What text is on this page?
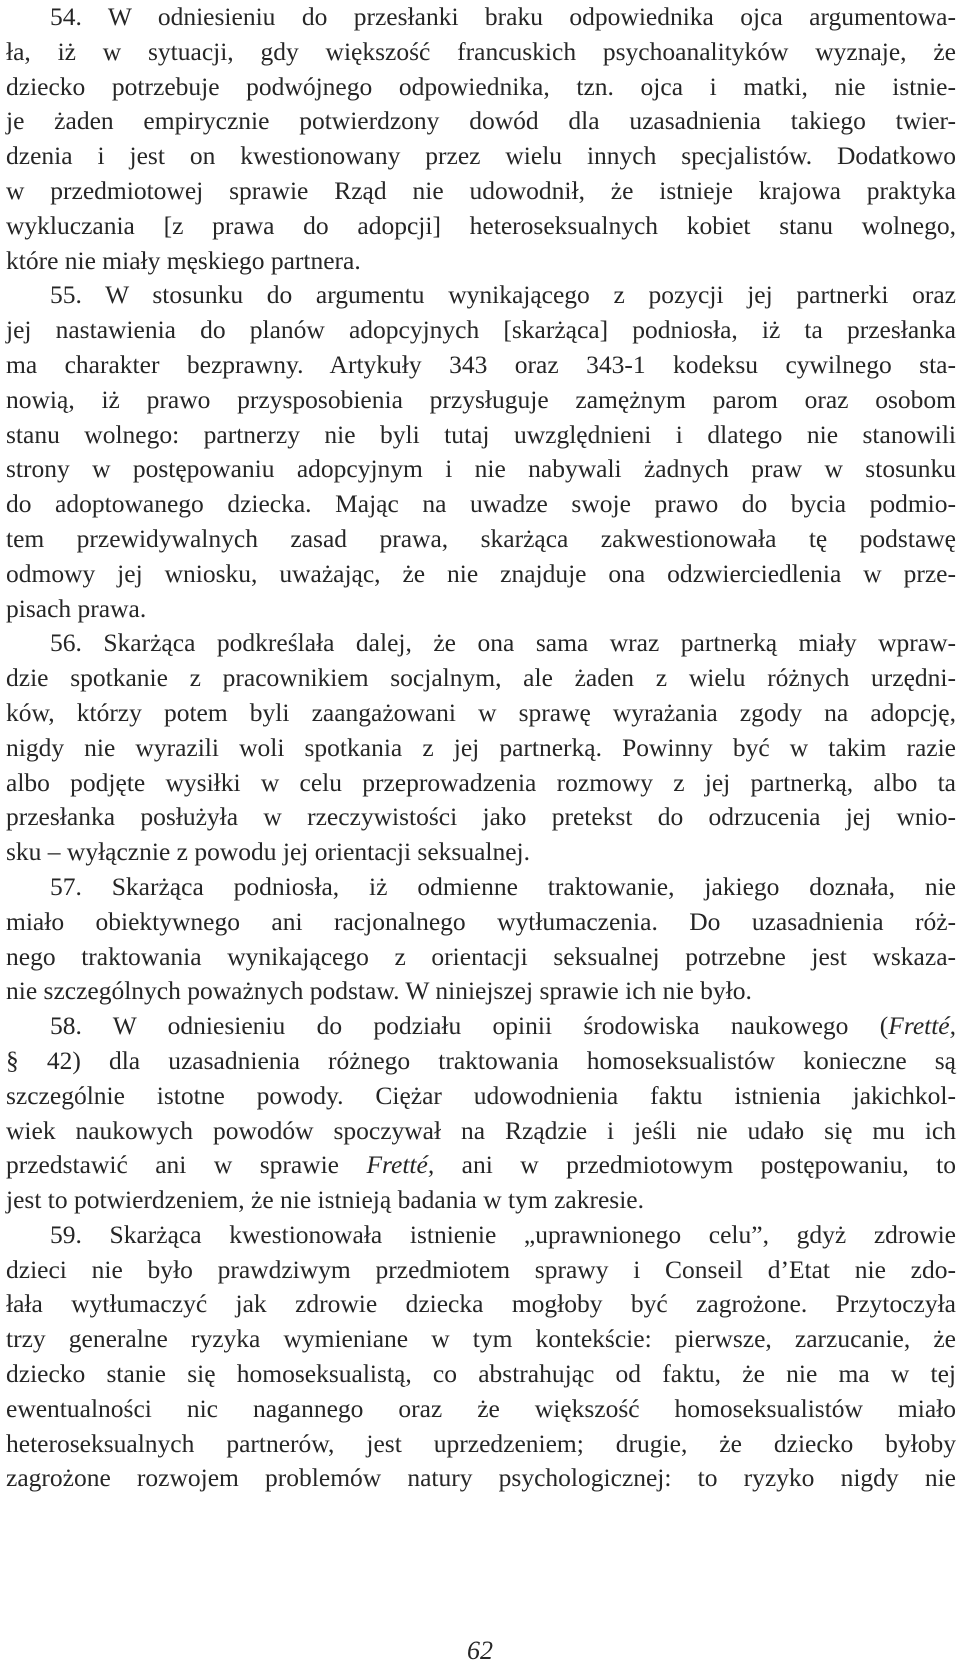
54. W odniesieniu do przesłanki braku odpowiednika ojca argumentowa-
ła, iż w sytuacji, gdy większość francuskich psychoanalityków wyznaje, że
dziecko potrzebuje podwójnego odpowiednika, tzn. ojca i matki, nie istnie-
je żaden empirycznie potwierdzony dowód dla uzasadnienia takiego twier-
dzenia i jest on kwestionowany przez wielu innych specjalistów. Dodatkowo
w przedmiotowej sprawie Rząd nie udowodnił, że istnieje krajowa praktyka
wykluczania [z prawa do adopcji] heteroseksualnych kobiet stanu wolnego,
które nie miały męskiego partnera.
55. W stosunku do argumentu wynikającego z pozycji jej partnerki oraz
jej nastawienia do planów adopcyjnych [skarżąca] podniosła, iż ta przesłanka
ma charakter bezprawny. Artykuły 343 oraz 343-1 kodeksu cywilnego sta-
nowią, iż prawo przysposobienia przysługuje zamężnym parom oraz osobom
stanu wolnego: partnerzy nie byli tutaj uwzględnieni i dlatego nie stanowili
strony w postępowaniu adopcyjnym i nie nabywali żadnych praw w stosunku
do adoptowanego dziecka. Mając na uwadze swoje prawo do bycia podmio-
tem przewidywalnych zasad prawa, skarżąca zakwestionowała tę podstawę
odmowy jej wniosku, uważając, że nie znajduje ona odzwierciedlenia w prze-
pisach prawa.
56. Skarżąca podkreślała dalej, że ona sama wraz partnerką miały wpraw-
dzie spotkanie z pracownikiem socjalnym, ale żaden z wielu różnych urzędni-
ków, którzy potem byli zaangażowani w sprawę wyrażania zgody na adopcję,
nigdy nie wyrazili woli spotkania z jej partnerką. Powinny być w takim razie
albo podjęte wysiłki w celu przeprowadzenia rozmowy z jej partnerką, albo ta
przesłanka posłużyła w rzeczywistości jako pretekst do odrzucenia jej wnio-
sku – wyłącznie z powodu jej orientacji seksualnej.
57. Skarżąca podniosła, iż odmienne traktowanie, jakiego doznała, nie
miało obiektywnego ani racjonalnego wytłumaczenia. Do uzasadnienia róż-
nego traktowania wynikającego z orientacji seksualnej potrzebne jest wskaza-
nie szczególnych poważnych podstaw. W niniejszej sprawie ich nie było.
58. W odniesieniu do podziału opinii środowiska naukowego (Fretté,
§ 42) dla uzasadnienia różnego traktowania homoseksualistów konieczne są
szczególnie istotne powody. Ciężar udowodnienia faktu istnienia jakichkol-
wiek naukowych powodów spoczywał na Rządzie i jeśli nie udało się mu ich
przedstawić ani w sprawie Fretté, ani w przedmiotowym postępowaniu, to
jest to potwierdzeniem, że nie istnieją badania w tym zakresie.
59. Skarżąca kwestionowała istnienie „uprawnionego celu”, gdyż zdrowie
dzieci nie było prawdziwym przedmiotem sprawy i Conseil d’Etat nie zdo-
łała wytłumaczyć jak zdrowie dziecka mogłoby być zagrożone. Przytoczyła
trzy generalne ryzyka wymieniane w tym kontekście: pierwsze, zarzucanie, że
dziecko stanie się homoseksualistą, co abstrahując od faktu, że nie ma w tej
ewentualności nic nagannego oraz że większość homoseksualistów miało
heteroseksualnych partnerów, jest uprzedzeniem; drugie, że dziecko byłoby
zagrożone rozwojem problemów natury psychologicznej: to ryzyko nigdy nie
62
